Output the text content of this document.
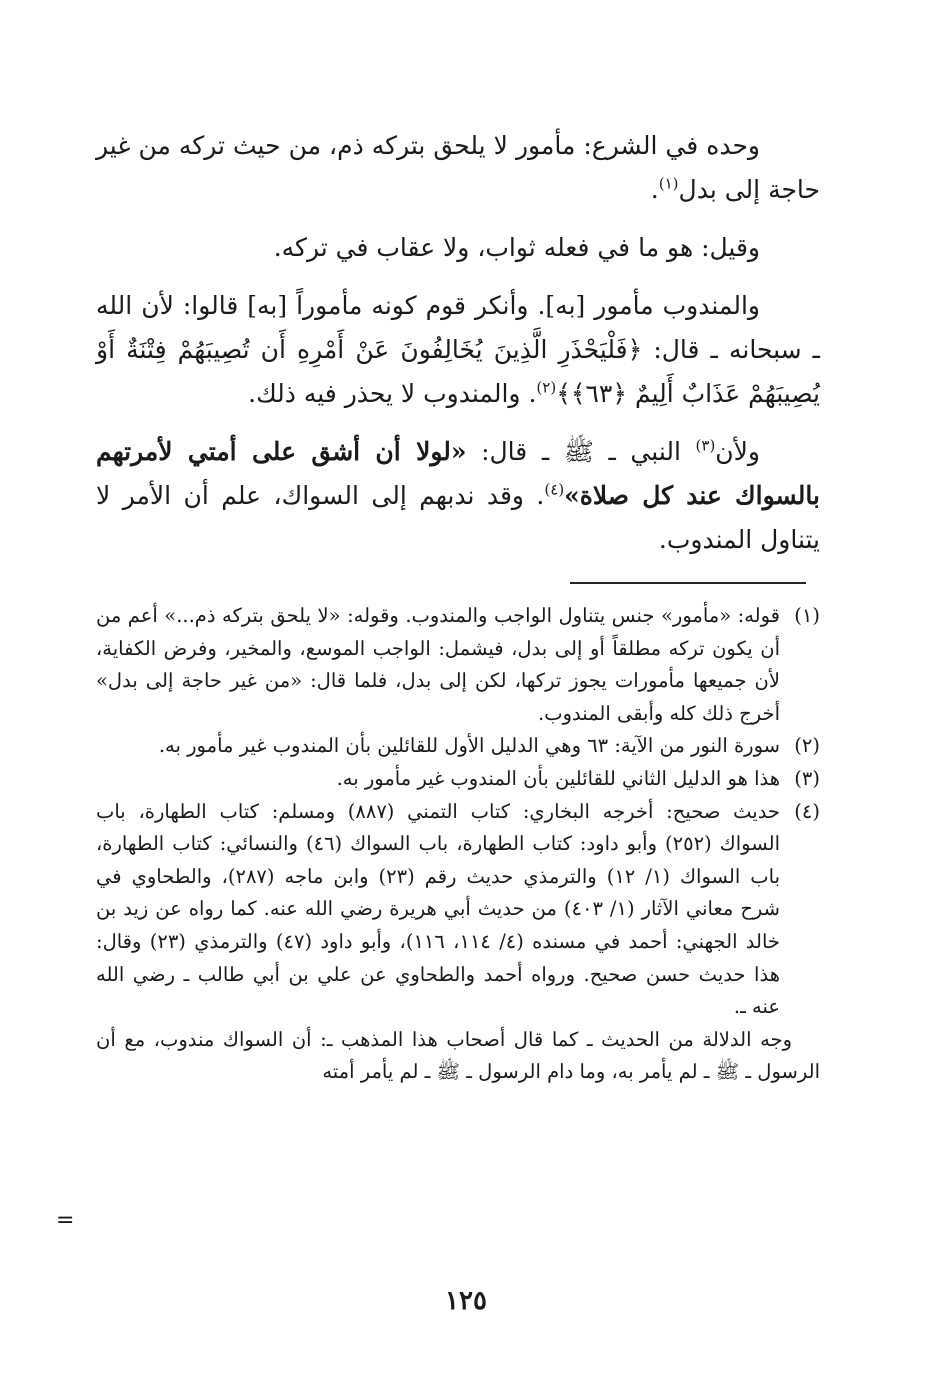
وحده في الشرع: مأمور لا يلحق بتركه ذم، من حيث تركه من غير حاجة إلى بدل$^{(١)}$.

وقيل: هو ما في فعله ثواب، ولا عقاب في تركه.

والمندوب مأمور [به]. وأنكر قوم كونه مأموراً [به] قالوا: لأن الله ـ سبحانه ـ قال: ﴿فَلْيَحْذَرِ الَّذِينَ يُخَالِفُونَ عَنْ أَمْرِهِ أَن تُصِيبَهُمْ فِتْنَةٌ أَوْ يُصِيبَهُمْ عَذَابٌ أَلِيمٌ ﴿٦٣﴾﴾$^{(٢)}$. والمندوب لا يحذر فيه ذلك.

ولأن$^{(٣)}$ النبي ـ ﷺ ـ قال: «لولا أن أشق على أمتي لأمرتهم بالسواك عند كل صلاة»$^{(٤)}$. وقد ندبهم إلى السواك، علم أن الأمر لا يتناول المندوب.

(١)
قوله: «مأمور» جنس يتناول الواجب والمندوب. وقوله: «لا يلحق بتركه ذم...» أعم من أن يكون تركه مطلقاً أو إلى بدل، فيشمل: الواجب الموسع، والمخير، وفرض الكفاية، لأن جميعها مأمورات يجوز تركها، لكن إلى بدل، فلما قال: «من غير حاجة إلى بدل» أخرج ذلك كله وأبقى المندوب.
(٢)
سورة النور من الآية: ٦٣ وهي الدليل الأول للقائلين بأن المندوب غير مأمور به.
(٣)
هذا هو الدليل الثاني للقائلين بأن المندوب غير مأمور به.
(٤)
حديث صحيح: أخرجه البخاري: كتاب التمني (٨٨٧) ومسلم: كتاب الطهارة، باب السواك (٢٥٢) وأبو داود: كتاب الطهارة، باب السواك (٤٦) والنسائي: كتاب الطهارة، باب السواك (١/ ١٢) والترمذي حديث رقم (٢٣) وابن ماجه (٢٨٧)، والطحاوي في شرح معاني الآثار (١/ ٤٠٣) من حديث أبي هريرة رضي الله عنه. كما رواه عن زيد بن خالد الجهني: أحمد في مسنده (٤/ ١١٤، ١١٦)، وأبو داود (٤٧) والترمذي (٢٣) وقال: هذا حديث حسن صحيح. ورواه أحمد والطحاوي عن علي بن أبي طالب ـ رضي الله عنه ـ.

وجه الدلالة من الحديث ـ كما قال أصحاب هذا المذهب ـ: أن السواك مندوب، مع أن الرسول ـ ﷺ ـ لم يأمر به، وما دام الرسول ـ ﷺ ـ لم يأمر أمته

=
١٢٥
